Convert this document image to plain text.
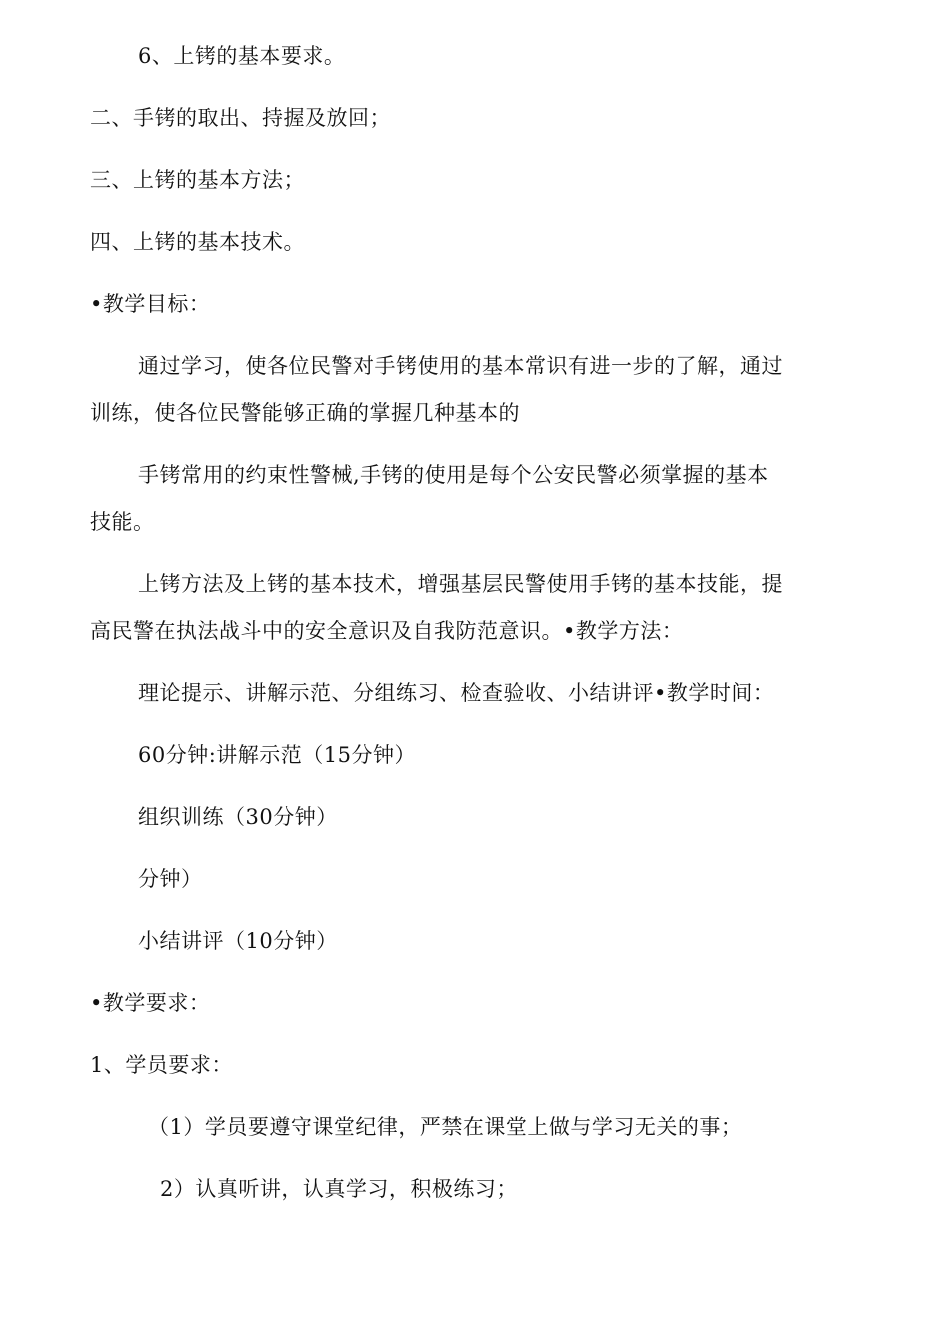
6、上铐的基本要求。
二、手铐的取出、持握及放回；
三、上铐的基本方法；
四、上铐的基本技术。
•教学目标：
通过学习，使各位民警对手铐使用的基本常识有进一步的了解，通过
训练，使各位民警能够正确的掌握几种基本的
手铐常用的约束性警械,手铐的使用是每个公安民警必须掌握的基本
技能。
上铐方法及上铐的基本技术，增强基层民警使用手铐的基本技能，提
高民警在执法战斗中的安全意识及自我防范意识。•教学方法：
理论提示、讲解示范、分组练习、检查验收、小结讲评•教学时间：
60分钟:讲解示范（15分钟）
组织训练（30分钟）
分钟）
小结讲评（10分钟）
•教学要求：
1、学员要求：
（1）学员要遵守课堂纪律，严禁在课堂上做与学习无关的事；
2）认真听讲，认真学习，积极练习；
